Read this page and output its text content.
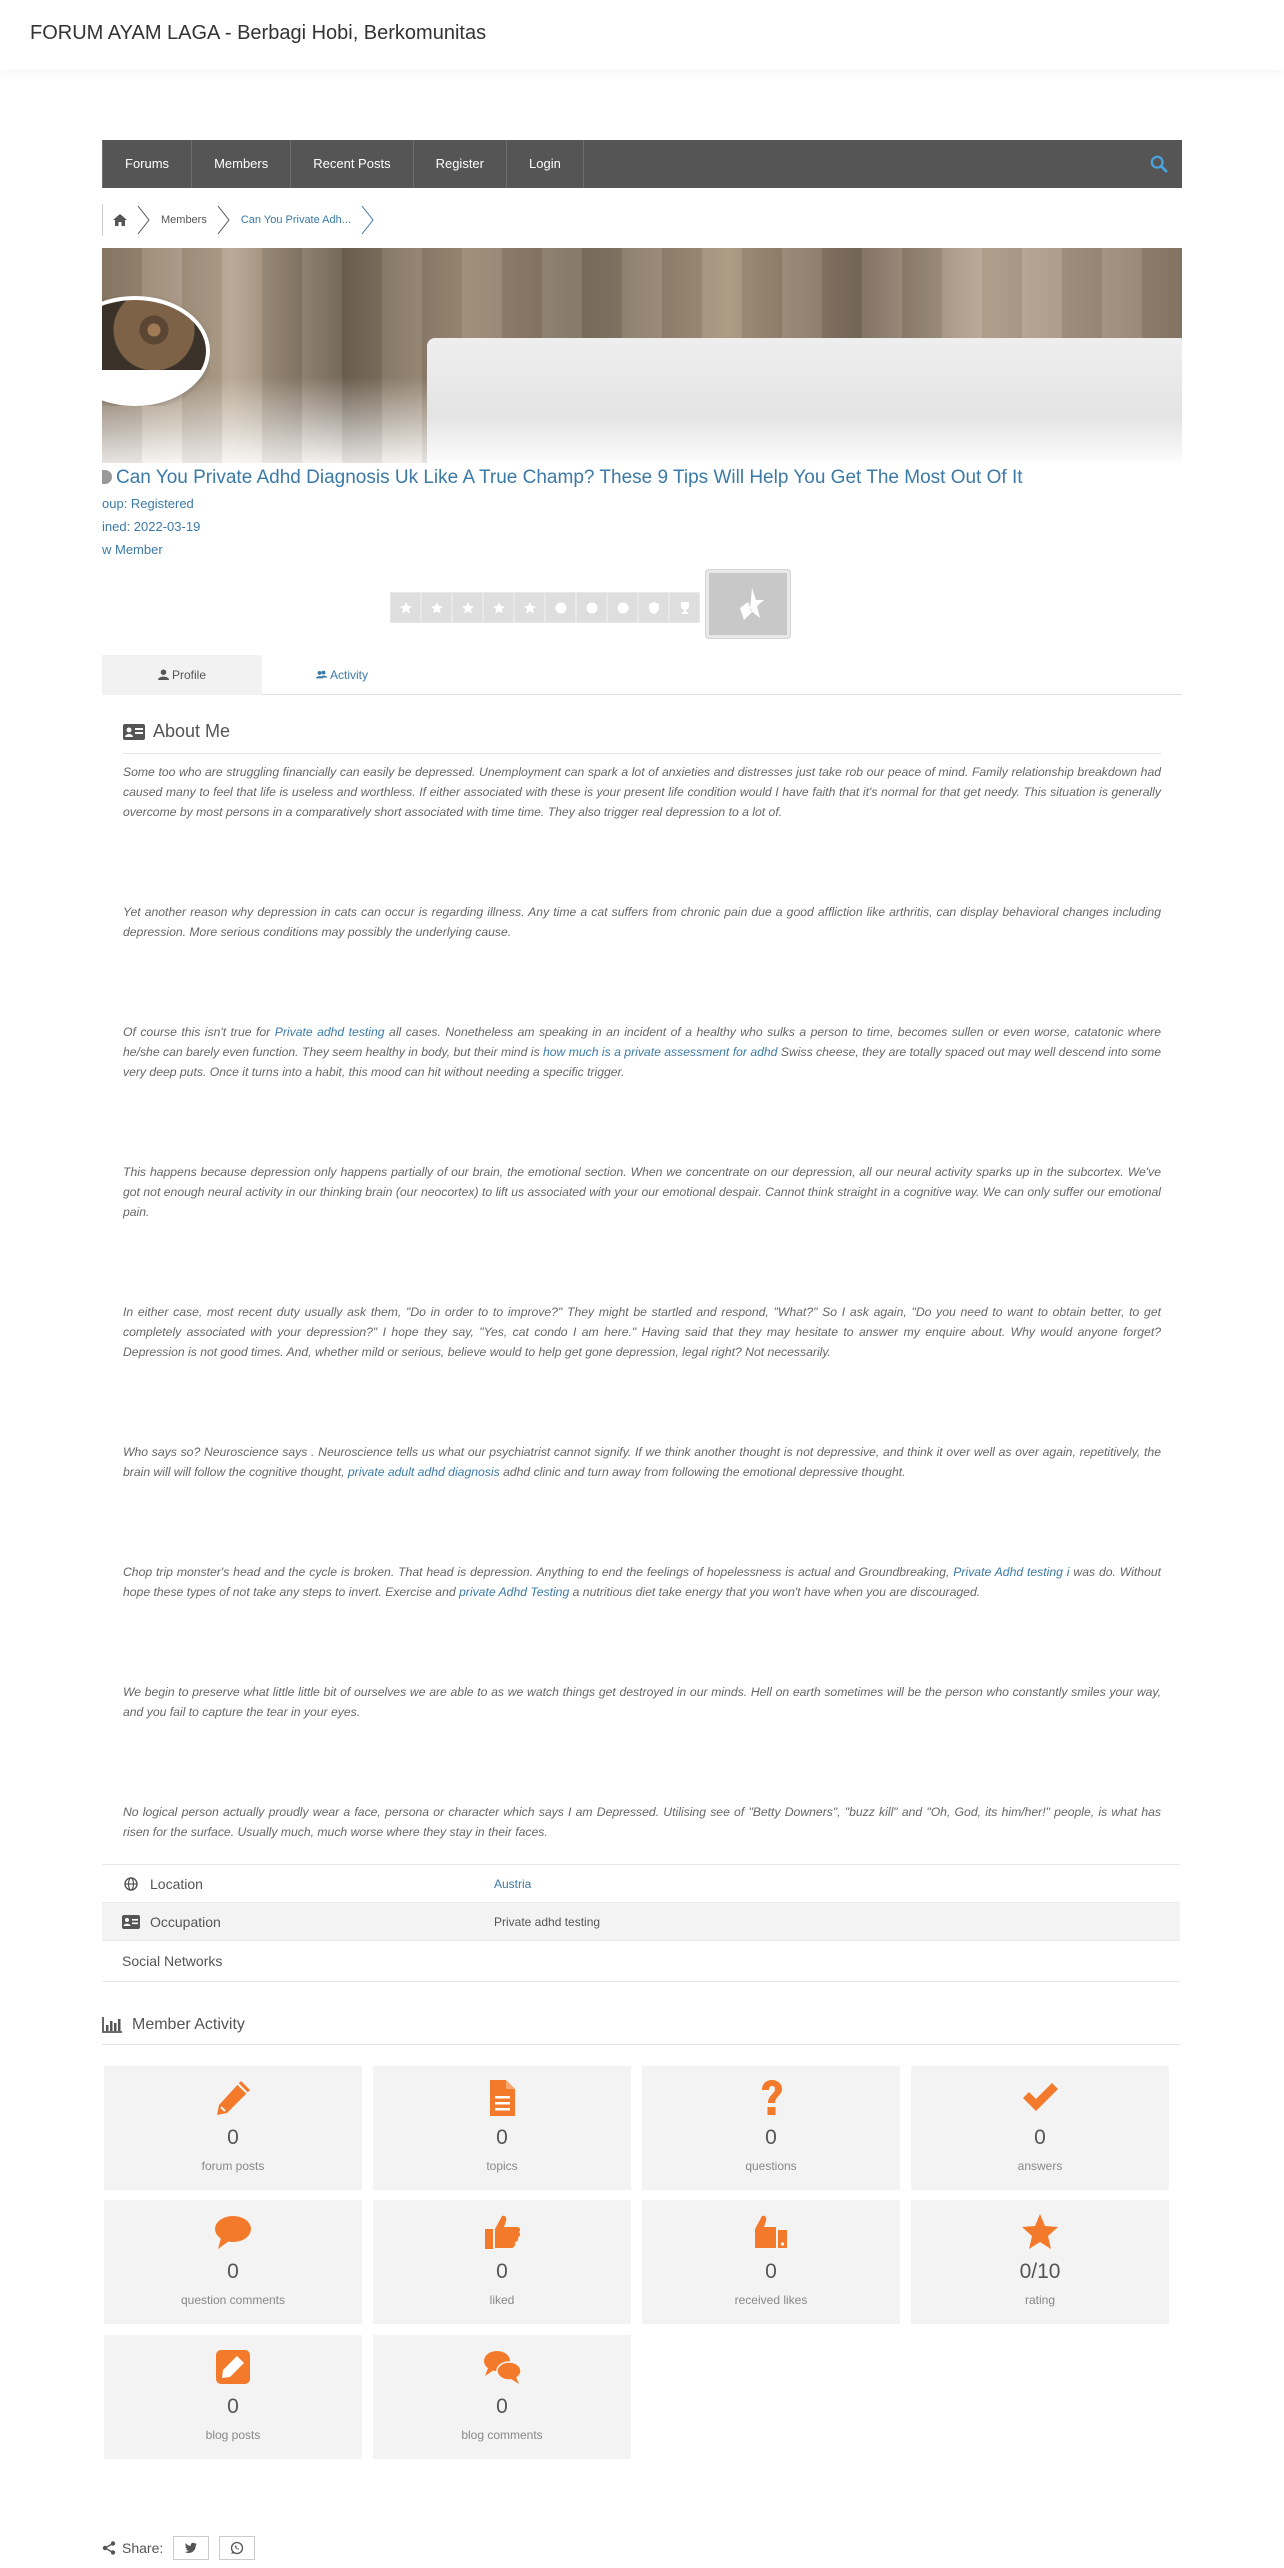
FORUM AYAM LAGA - Berbagi Hobi, Berkomunitas
Forums	Members	Recent Posts	Register	Login
Members	Can You Private Adh...
Can You Private Adhd Diagnosis Uk Like A True Champ? These 9 Tips Will Help You Get The Most Out Of It
oup: Registered
ined: 2022-03-19
w Member
Profile	Activity
About Me
Some too who are struggling financially can easily be depressed. Unemployment can spark a lot of anxieties and distresses just take rob our peace of mind. Family relationship breakdown had caused many to feel that life is useless and worthless. If either associated with these is your present life condition would I have faith that it's normal for that get needy. This situation is generally overcome by most persons in a comparatively short associated with time time. They also trigger real depression to a lot of.
Yet another reason why depression in cats can occur is regarding illness. Any time a cat suffers from chronic pain due a good affliction like arthritis, can display behavioral changes including depression. More serious conditions may possibly the underlying cause.
Of course this isn't true for Private adhd testing all cases. Nonetheless am speaking in an incident of a healthy who sulks a person to time, becomes sullen or even worse, catatonic where he/she can barely even function. They seem healthy in body, but their mind is how much is a private assessment for adhd Swiss cheese, they are totally spaced out may well descend into some very deep puts. Once it turns into a habit, this mood can hit without needing a specific trigger.
This happens because depression only happens partially of our brain, the emotional section. When we concentrate on our depression, all our neural activity sparks up in the subcortex. We've got not enough neural activity in our thinking brain (our neocortex) to lift us associated with your our emotional despair. Cannot think straight in a cognitive way. We can only suffer our emotional pain.
In either case, most recent duty usually ask them, "Do in order to to improve?" They might be startled and respond, "What?" So I ask again, "Do you need to want to obtain better, to get completely associated with your depression?" I hope they say, "Yes, cat condo I am here." Having said that they may hesitate to answer my enquire about. Why would anyone forget? Depression is not good times. And, whether mild or serious, believe would to help get gone depression, legal right? Not necessarily.
Who says so? Neuroscience says . Neuroscience tells us what our psychiatrist cannot signify. If we think another thought is not depressive, and think it over well as over again, repetitively, the brain will will follow the cognitive thought, private adult adhd diagnosis adhd clinic and turn away from following the emotional depressive thought.
Chop trip monster's head and the cycle is broken. That head is depression. Anything to end the feelings of hopelessness is actual and Groundbreaking, Private Adhd testing i was do. Without hope these types of not take any steps to invert. Exercise and private Adhd Testing a nutritious diet take energy that you won't have when you are discouraged.
We begin to preserve what little little bit of ourselves we are able to as we watch things get destroyed in our minds. Hell on earth sometimes will be the person who constantly smiles your way, and you fail to capture the tear in your eyes.
No logical person actually proudly wear a face, persona or character which says I am Depressed. Utilising see of "Betty Downers", "buzz kill" and "Oh, God, its him/her!" people, is what has risen for the surface. Usually much, much worse where they stay in their faces.
Location	Austria
Occupation	Private adhd testing
Social Networks
Member Activity
0
forum posts
0
topics
0
questions
0
answers
0
question comments
0
liked
0
received likes
0/10
rating
0
blog posts
0
blog comments
Share:
